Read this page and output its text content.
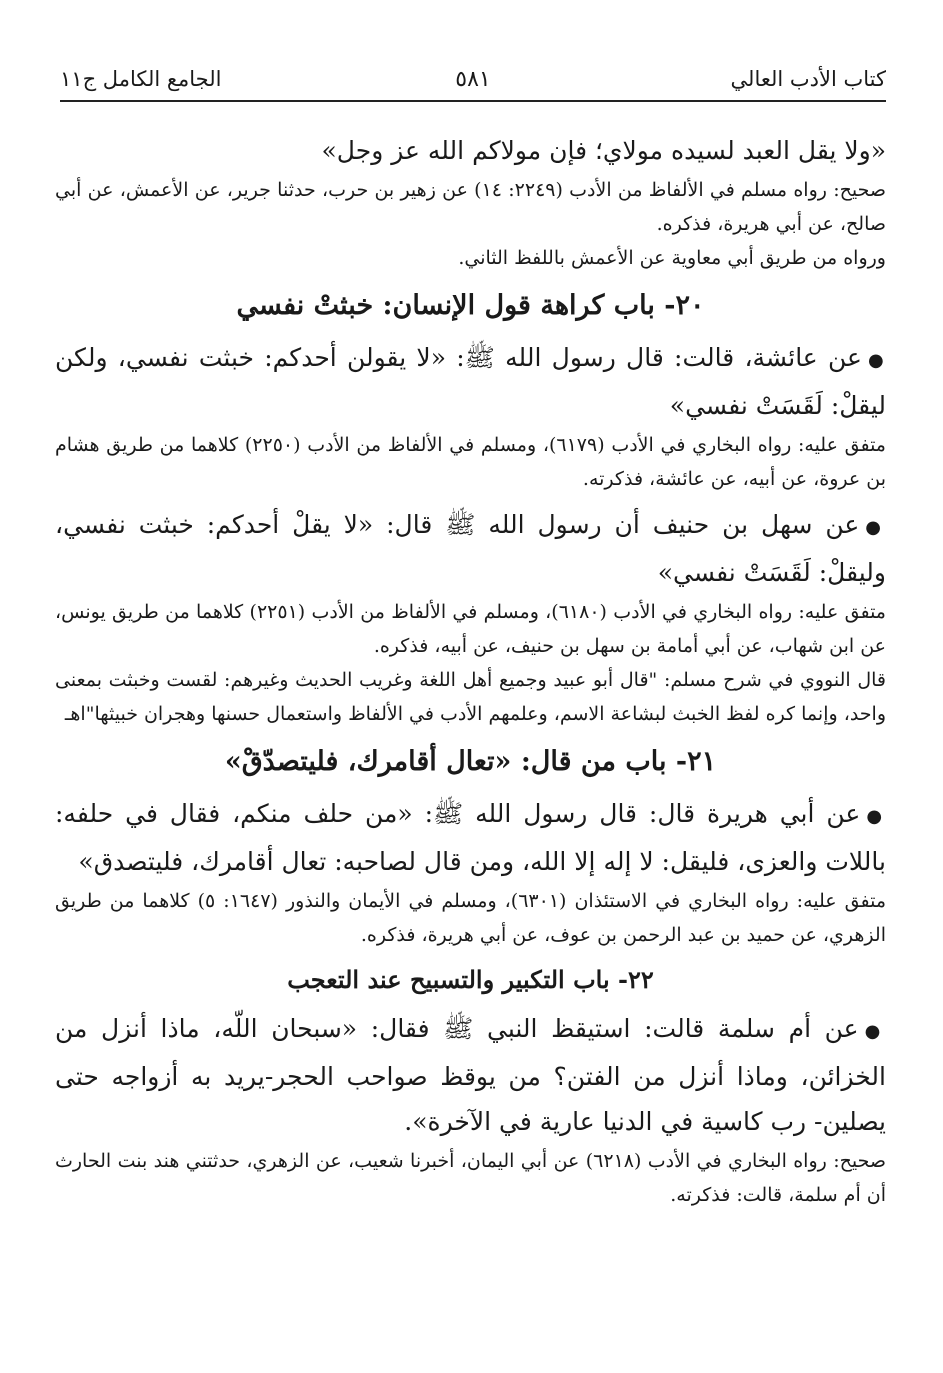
كتاب الأدب العالي
٥٨١
الجامع الكامل ج١١

«ولا يقل العبد لسيده مولاي؛ فإن مولاكم الله عز وجل»

صحيح: رواه مسلم في الألفاظ من الأدب (٢٢٤٩: ١٤) عن زهير بن حرب، حدثنا جرير، عن الأعمش، عن أبي صالح، عن أبي هريرة، فذكره.

ورواه من طريق أبي معاوية عن الأعمش باللفظ الثاني.

٢٠- باب كراهة قول الإنسان: خبثتْ نفسي

●عن عائشة، قالت: قال رسول الله ﷺ: «لا يقولن أحدكم: خبثت نفسي، ولكن ليقلْ: لَقَسَتْ نفسي»

متفق عليه: رواه البخاري في الأدب (٦١٧٩)، ومسلم في الألفاظ من الأدب (٢٢٥٠) كلاهما من طريق هشام بن عروة، عن أبيه، عن عائشة، فذكرته.

●عن سهل بن حنيف أن رسول الله ﷺ قال: «لا يقلْ أحدكم: خبثت نفسي، وليقلْ: لَقَسَتْ نفسي»

متفق عليه: رواه البخاري في الأدب (٦١٨٠)، ومسلم في الألفاظ من الأدب (٢٢٥١) كلاهما من طريق يونس، عن ابن شهاب، عن أبي أمامة بن سهل بن حنيف، عن أبيه، فذكره.

قال النووي في شرح مسلم: "قال أبو عبيد وجميع أهل اللغة وغريب الحديث وغيرهم: لقست وخبثت بمعنى واحد، وإنما كره لفظ الخبث لبشاعة الاسم، وعلمهم الأدب في الألفاظ واستعمال حسنها وهجران خبيثها"اهـ

٢١- باب من قال: «تعال أقامرك، فليتصدّقْ»

●عن أبي هريرة قال: قال رسول الله ﷺ: «من حلف منكم، فقال في حلفه: باللات والعزى، فليقل: لا إله إلا الله، ومن قال لصاحبه: تعال أقامرك، فليتصدق»

متفق عليه: رواه البخاري في الاستئذان (٦٣٠١)، ومسلم في الأيمان والنذور (١٦٤٧: ٥) كلاهما من طريق الزهري، عن حميد بن عبد الرحمن بن عوف، عن أبي هريرة، فذكره.

٢٢- باب التكبير والتسبيح عند التعجب

●عن أم سلمة قالت: استيقظ النبي ﷺ فقال: «سبحان اللّه، ماذا أنزل من الخزائن، وماذا أنزل من الفتن؟ من يوقظ صواحب الحجر-يريد به أزواجه حتى يصلين- رب كاسية في الدنيا عارية في الآخرة».

صحيح: رواه البخاري في الأدب (٦٢١٨) عن أبي اليمان، أخبرنا شعيب، عن الزهري، حدثتني هند بنت الحارث أن أم سلمة، قالت: فذكرته.
